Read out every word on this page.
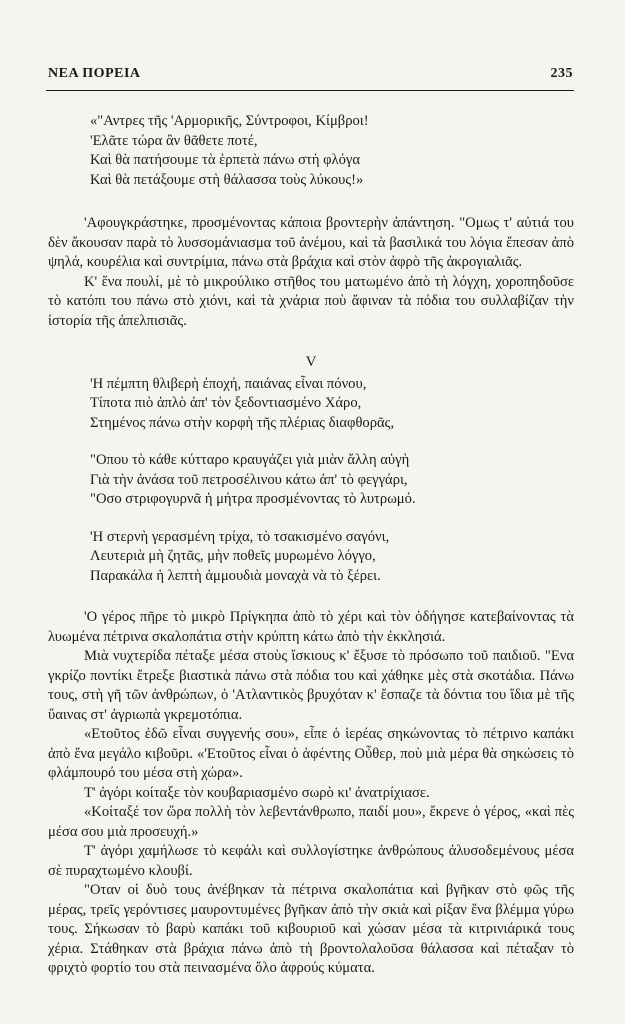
ΝΕΑ ΠΟΡΕΙΑ	235

«"Αντρες τῆς 'Αρμορικῆς, Σύντροφοι, Κίμβροι!

'Ελᾶτε τώρα ἂν θᾶθετε ποτέ,

Καὶ θὰ πατήσουμε τὰ ἑρπετὰ πάνω στὴ φλόγα

Καὶ θὰ πετάξουμε στὴ θάλασσα τοὺς λύκους!»

'Αφουγκράστηκε, προσμένοντας κάποια βροντερὴν ἀπάντηση. "Ομως τ' αὐτιά του δὲν ἄκουσαν παρὰ τὸ λυσσομάνιασμα τοῦ ἀνέμου, καὶ τὰ βασιλικά του λόγια ἔπεσαν ἀπὸ ψηλά, κουρέλια καὶ συντρίμια, πάνω στὰ βράχια καὶ στὸν ἀφρὸ τῆς ἀκρογιαλιᾶς.

Κ' ἕνα πουλί, μὲ τὸ μικρούλικο στῆθος του ματωμένο ἀπὸ τὴ λόγχη, χοροπηδοῦσε τὸ κατόπι του πάνω στὸ χιόνι, καὶ τὰ χνάρια ποὺ ἄφιναν τὰ πόδια του συλλαβίζαν τὴν ἱστορία τῆς ἀπελπισιᾶς.

V

'Η πέμπτη θλιβερὴ ἐποχή, παιάνας εἶναι πόνου,

Τίποτα πιὸ ἁπλὸ ἀπ' τὸν ξεδοντιασμένο Χάρο,

Στημένος πάνω στὴν κορφὴ τῆς πλέριας διαφθορᾶς,

"Οπου τὸ κάθε κύτταρο κραυγάζει γιὰ μιὰν ἄλλη αὐγὴ

Γιὰ τὴν ἀνάσα τοῦ πετροσέλινου κάτω ἀπ' τὸ φεγγάρι,

"Οσο στριφογυρνᾶ ἡ μήτρα προσμένοντας τὸ λυτρωμό.

'Η στερνὴ γερασμένη τρίχα, τὸ τσακισμένο σαγόνι,

Λευτεριὰ μὴ ζητᾶς, μὴν ποθεῖς μυρωμένο λόγγο,

Παρακάλα ἡ λεπτὴ ἀμμουδιὰ μοναχὰ νὰ τὸ ξέρει.

'Ο γέρος πῆρε τὸ μικρὸ Πρίγκηπα ἀπὸ τὸ χέρι καὶ τὸν ὁδήγησε κατεβαίνοντας τὰ λυωμένα πέτρινα σκαλοπάτια στὴν κρύπτη κάτω ἀπὸ τὴν ἐκκλησιά.

Μιὰ νυχτερίδα πέταξε μέσα στοὺς ἴσκιους κ' ἔξυσε τὸ πρόσωπο τοῦ παιδιοῦ. "Ενα γκρίζο ποντίκι ἔτρεξε βιαστικὰ πάνω στὰ πόδια του καὶ χάθηκε μὲς στὰ σκοτάδια. Πάνω τους, στὴ γῆ τῶν ἀνθρώπων, ὁ 'Ατλαντικὸς βρυχόταν κ' ἔσπαζε τὰ δόντια του ἴδια μὲ τῆς ὕαινας στ' ἀγριωπὰ γκρεμοτόπια.

«Ετοῦτος ἐδῶ εἶναι συγγενής σου», εἶπε ὁ ἱερέας σηκώνοντας τὸ πέτρινο καπάκι ἀπὸ ἕνα μεγάλο κιβοῦρι. «'Ετοῦτος εἶναι ὁ ἀφέντης Οὖθερ, ποὺ μιὰ μέρα θὰ σηκώσεις τὸ φλάμπουρό του μέσα στὴ χώρα».

Τ' ἀγόρι κοίταξε τὸν κουβαριασμένο σωρὸ κι' ἀνατρίχιασε.

«Κοίταξέ τον ὥρα πολλὴ τὸν λεβεντάνθρωπο, παιδί μου», ἔκρενε ὁ γέρος, «καὶ πὲς μέσα σου μιὰ προσευχή.»

Τ' ἀγόρι χαμήλωσε τὸ κεφάλι καὶ συλλογίστηκε ἀνθρώπους ἀλυσοδεμένους μέσα σὲ πυραχτωμένο κλουβί.

"Οταν οἱ δυὸ τους ἀνέβηκαν τὰ πέτρινα σκαλοπάτια καὶ βγῆκαν στὸ φῶς τῆς μέρας, τρεῖς γερόντισες μαυροντυμένες βγῆκαν ἀπὸ τὴν σκιὰ καὶ ρίξαν ἕνα βλέμμα γύρω τους. Σήκωσαν τὸ βαρὺ καπάκι τοῦ κιβουριοῦ καὶ χώσαν μέσα τὰ κιτρινιάρικά τους χέρια. Στάθηκαν στὰ βράχια πάνω ἀπὸ τὴ βροντολαλοῦσα θάλασσα καὶ πέταξαν τὸ φριχτὸ φορτίο του στὰ πεινασμένα ὅλο ἀφρούς κύματα.
